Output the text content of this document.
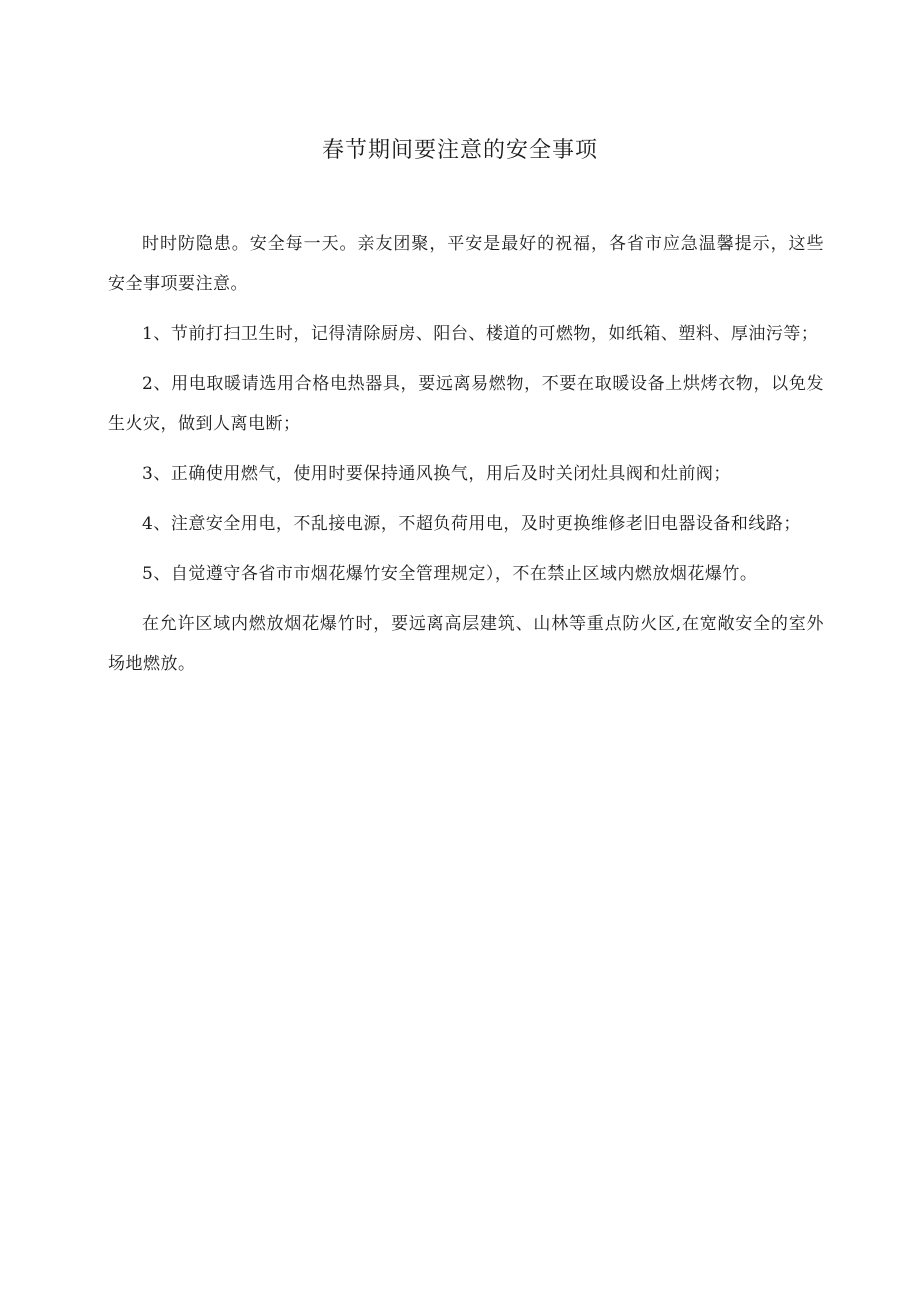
春节期间要注意的安全事项

时时防隐患。安全每一天。亲友团聚，平安是最好的祝福，各省市应急温馨提示，这些安全事项要注意。

1、节前打扫卫生时，记得清除厨房、阳台、楼道的可燃物，如纸箱、塑料、厚油污等；

2、用电取暖请选用合格电热器具，要远离易燃物，不要在取暖设备上烘烤衣物，以免发生火灾，做到人离电断；

3、正确使用燃气，使用时要保持通风换气，用后及时关闭灶具阀和灶前阀；

4、注意安全用电，不乱接电源，不超负荷用电，及时更换维修老旧电器设备和线路；

5、自觉遵守各省市市烟花爆竹安全管理规定），不在禁止区域内燃放烟花爆竹。

在允许区域内燃放烟花爆竹时，要远离高层建筑、山林等重点防火区,在宽敞安全的室外场地燃放。
